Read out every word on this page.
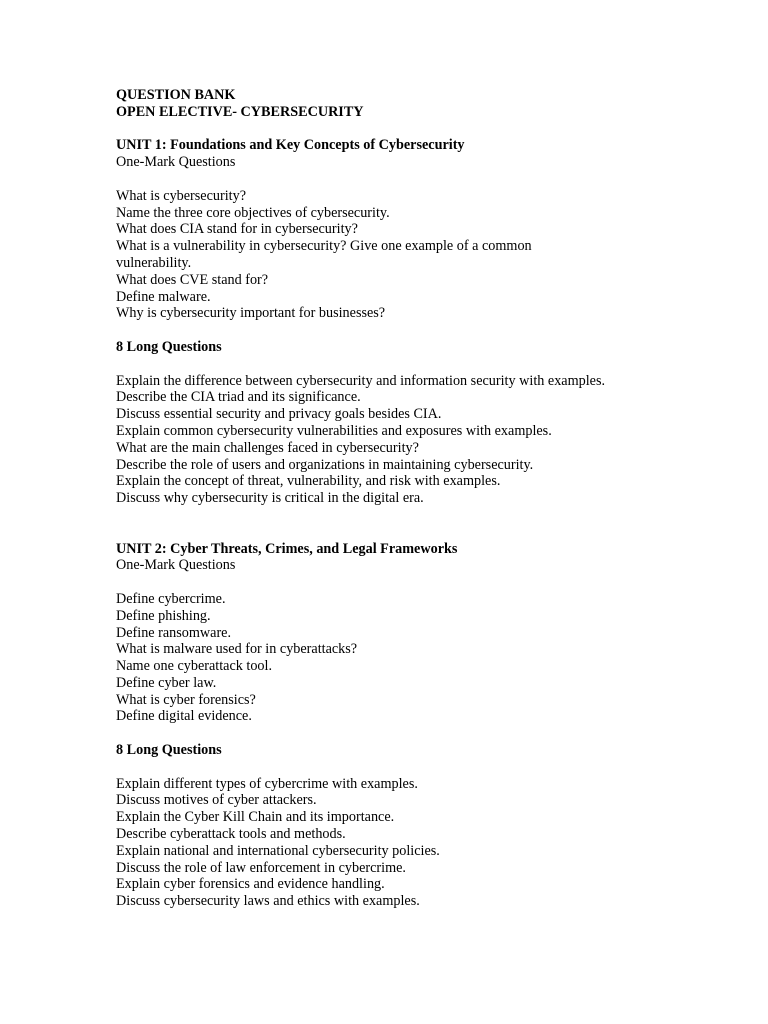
QUESTION BANK
OPEN ELECTIVE- CYBERSECURITY
UNIT 1: Foundations and Key Concepts of Cybersecurity
One-Mark Questions
What is cybersecurity?
Name the three core objectives of cybersecurity.
What does CIA stand for in cybersecurity?
What is a vulnerability in cybersecurity? Give one example of a common vulnerability.
What does CVE stand for?
Define malware.
Why is cybersecurity important for businesses?
8 Long Questions
Explain the difference between cybersecurity and information security with examples.
Describe the CIA triad and its significance.
Discuss essential security and privacy goals besides CIA.
Explain common cybersecurity vulnerabilities and exposures with examples.
What are the main challenges faced in cybersecurity?
Describe the role of users and organizations in maintaining cybersecurity.
Explain the concept of threat, vulnerability, and risk with examples.
Discuss why cybersecurity is critical in the digital era.
UNIT 2: Cyber Threats, Crimes, and Legal Frameworks
One-Mark Questions
Define cybercrime.
Define phishing.
Define ransomware.
What is malware used for in cyberattacks?
Name one cyberattack tool.
Define cyber law.
What is cyber forensics?
Define digital evidence.
8 Long Questions
Explain different types of cybercrime with examples.
Discuss motives of cyber attackers.
Explain the Cyber Kill Chain and its importance.
Describe cyberattack tools and methods.
Explain national and international cybersecurity policies.
Discuss the role of law enforcement in cybercrime.
Explain cyber forensics and evidence handling.
Discuss cybersecurity laws and ethics with examples.
